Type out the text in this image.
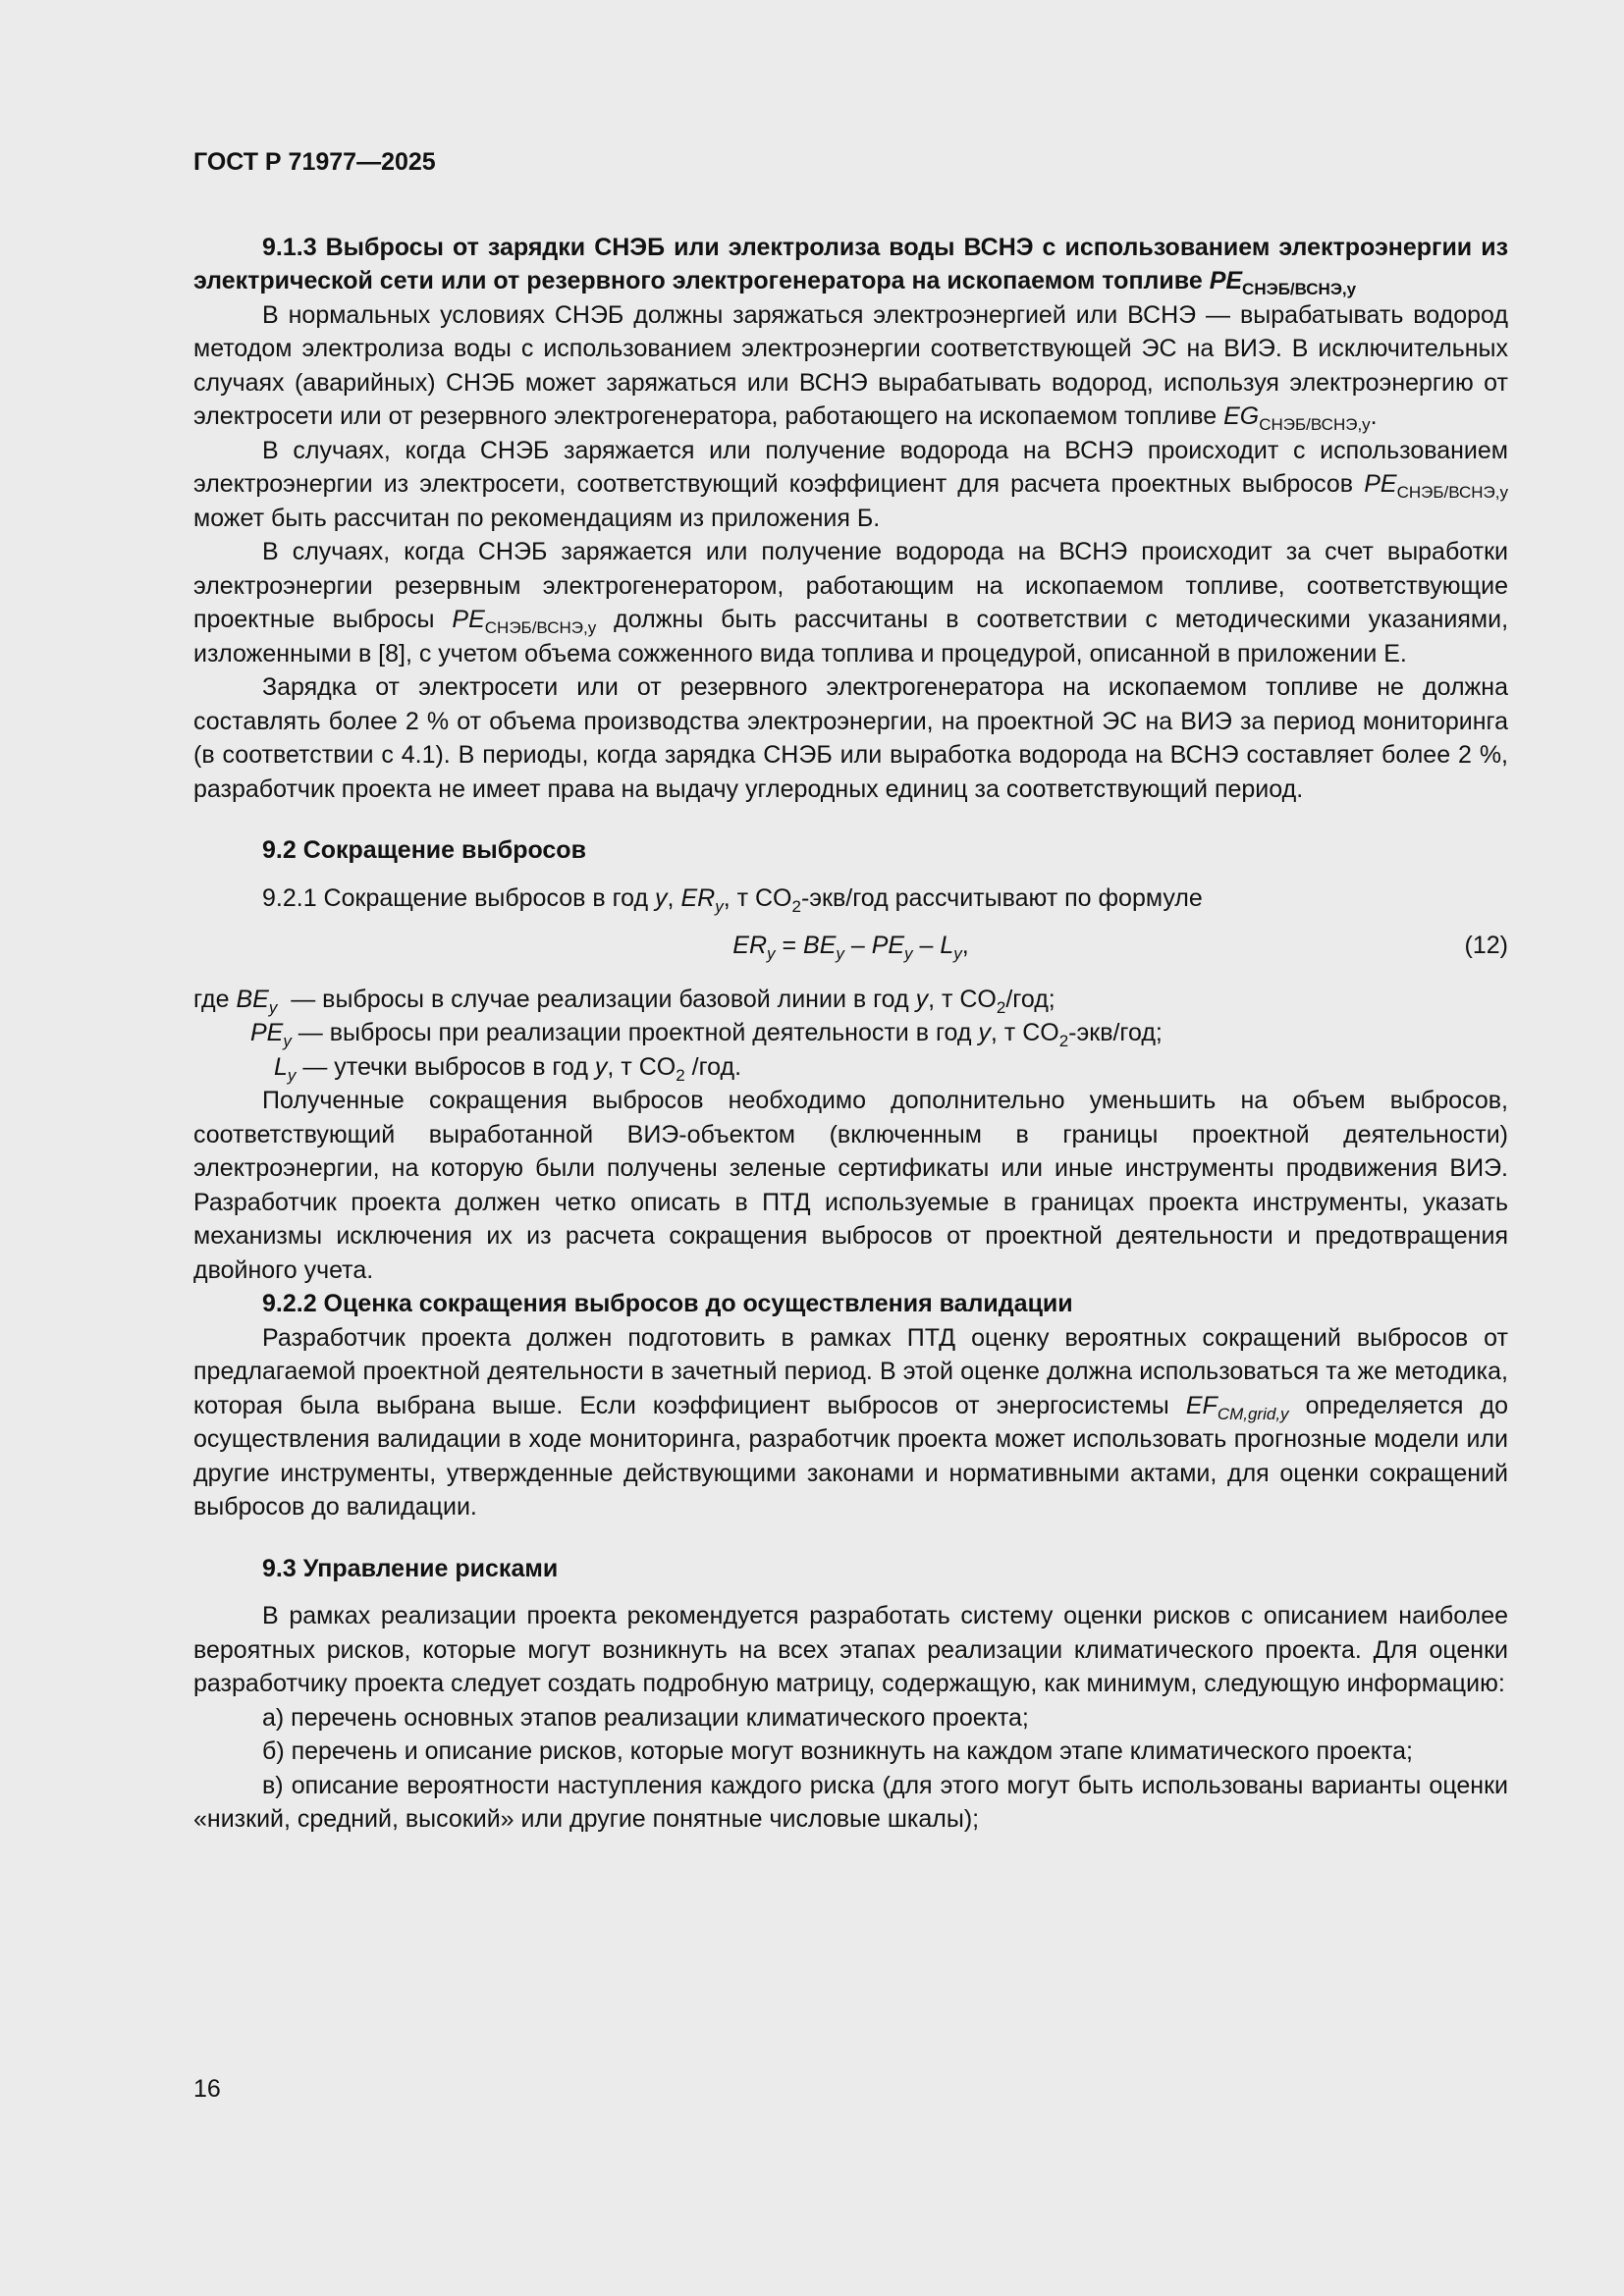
ГОСТ Р 71977—2025

9.1.3 Выбросы от зарядки СНЭБ или электролиза воды ВСНЭ с использованием электроэнергии из электрической сети или от резервного электрогенератора на ископаемом топливе $PE_{СНЭБ/ВСНЭ,y}$

В нормальных условиях СНЭБ должны заряжаться электроэнергией или ВСНЭ — вырабатывать водород методом электролиза воды с использованием электроэнергии соответствующей ЭС на ВИЭ. В исключительных случаях (аварийных) СНЭБ может заряжаться или ВСНЭ вырабатывать водород, используя электроэнергию от электросети или от резервного электрогенератора, работающего на ископаемом топливе $EG_{СНЭБ/ВСНЭ,y}$.

В случаях, когда СНЭБ заряжается или получение водорода на ВСНЭ происходит с использованием электроэнергии из электросети, соответствующий коэффициент для расчета проектных выбросов $PE_{СНЭБ/ВСНЭ,y}$ может быть рассчитан по рекомендациям из приложения Б.

В случаях, когда СНЭБ заряжается или получение водорода на ВСНЭ происходит за счет выработки электроэнергии резервным электрогенератором, работающим на ископаемом топливе, соответствующие проектные выбросы $PE_{СНЭБ/ВСНЭ,y}$ должны быть рассчитаны в соответствии с методическими указаниями, изложенными в [8], с учетом объема сожженного вида топлива и процедурой, описанной в приложении Е.

Зарядка от электросети или от резервного электрогенератора на ископаемом топливе не должна составлять более 2 % от объема производства электроэнергии, на проектной ЭС на ВИЭ за период мониторинга (в соответствии с 4.1). В периоды, когда зарядка СНЭБ или выработка водорода на ВСНЭ составляет более 2 %, разработчик проекта не имеет права на выдачу углеродных единиц за соответствующий период.

9.2 Сокращение выбросов

9.2.1 Сокращение выбросов в год y, $ER_y$, т $CO_2-экв$/год рассчитывают по формуле

$ER_y = BE_y - PE_y - L_y$,	(12)

где $BE_y$  — выбросы в случае реализации базовой линии в год y, т $CO_2$/год;

$PE_y$ — выбросы при реализации проектной деятельности в год y, т $CO_2-экв$/год;

$L_y$ — утечки выбросов в год y, т $CO_2$ /год.

Полученные сокращения выбросов необходимо дополнительно уменьшить на объем выбросов, соответствующий выработанной ВИЭ-объектом (включенным в границы проектной деятельности) электроэнергии, на которую были получены зеленые сертификаты или иные инструменты продвижения ВИЭ. Разработчик проекта должен четко описать в ПТД используемые в границах проекта инструменты, указать механизмы исключения их из расчета сокращения выбросов от проектной деятельности и предотвращения двойного учета.

9.2.2 Оценка сокращения выбросов до осуществления валидации

Разработчик проекта должен подготовить в рамках ПТД оценку вероятных сокращений выбросов от предлагаемой проектной деятельности в зачетный период. В этой оценке должна использоваться та же методика, которая была выбрана выше. Если коэффициент выбросов от энергосистемы $EF_{CM,grid,y}$ определяется до осуществления валидации в ходе мониторинга, разработчик проекта может использовать прогнозные модели или другие инструменты, утвержденные действующими законами и нормативными актами, для оценки сокращений выбросов до валидации.

9.3 Управление рисками

В рамках реализации проекта рекомендуется разработать систему оценки рисков с описанием наиболее вероятных рисков, которые могут возникнуть на всех этапах реализации климатического проекта. Для оценки разработчику проекта следует создать подробную матрицу, содержащую, как минимум, следующую информацию:

а) перечень основных этапов реализации климатического проекта;

б) перечень и описание рисков, которые могут возникнуть на каждом этапе климатического проекта;

в) описание вероятности наступления каждого риска (для этого могут быть использованы варианты оценки «низкий, средний, высокий» или другие понятные числовые шкалы);

16
